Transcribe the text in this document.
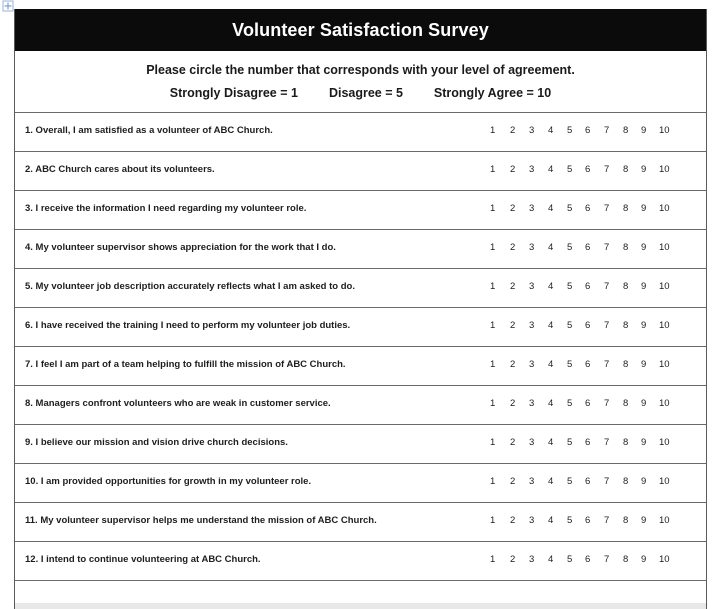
Volunteer Satisfaction Survey
Please circle the number that corresponds with your level of agreement.
Strongly Disagree = 1 Disagree = 5 Strongly Agree = 10
1. Overall, I am satisfied as a volunteer of ABC Church.	1 2 3 4 5 6 7 8 9 10
2. ABC Church cares about its volunteers.	1 2 3 4 5 6 7 8 9 10
3. I receive the information I need regarding my volunteer role.	1 2 3 4 5 6 7 8 9 10
4. My volunteer supervisor shows appreciation for the work that I do.	1 2 3 4 5 6 7 8 9 10
5. My volunteer job description accurately reflects what I am asked to do.	1 2 3 4 5 6 7 8 9 10
6. I have received the training I need to perform my volunteer job duties.	1 2 3 4 5 6 7 8 9 10
7. I feel I am part of a team helping to fulfill the mission of ABC Church.	1 2 3 4 5 6 7 8 9 10
8. Managers confront volunteers who are weak in customer service.	1 2 3 4 5 6 7 8 9 10
9. I believe our mission and vision drive church decisions.	1 2 3 4 5 6 7 8 9 10
10. I am provided opportunities for growth in my volunteer role.	1 2 3 4 5 6 7 8 9 10
11. My volunteer supervisor helps me understand the mission of ABC Church.	1 2 3 4 5 6 7 8 9 10
12. I intend to continue volunteering at ABC Church.	1 2 3 4 5 6 7 8 9 10
